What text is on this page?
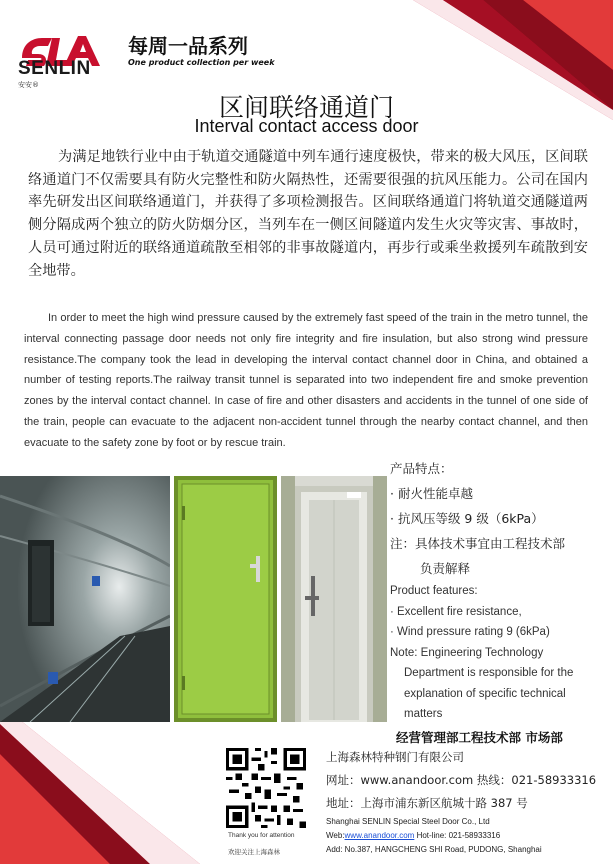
SENLIN
安安®
每周一品系列
One product collection per week
区间联络通道门
Interval contact access door

为满足地铁行业中由于轨道交通隧道中列车通行速度极快，带来的极大风压，区间联络通道门不仅需要具有防火完整性和防火隔热性，还需要很强的抗风压能力。公司在国内率先研发出区间联络通道门，并获得了多项检测报告。区间联络通道门将轨道交通隧道两侧分隔成两个独立的防火防烟分区，当列车在一侧区间隧道内发生火灾等灾害、事故时，人员可通过附近的联络通道疏散至相邻的非事故隧道内，再步行或乘坐救援列车疏散到安全地带。

In order to meet the high wind pressure caused by the extremely fast speed of the train in the metro tunnel, the interval connecting passage door needs not only fire integrity and fire insulation, but also strong wind pressure resistance.The company took the lead in developing the interval contact channel door in China, and obtained a number of testing reports.The railway transit tunnel is separated into two independent fire and smoke prevention zones by the interval contact channel. In case of fire and other disasters and accidents in the tunnel of one side of the train, people can evacuate to the adjacent non-accident tunnel through the nearby contact channel, and then evacuate to the safety zone by foot or by rescue train.

产品特点：
· 耐火性能卓越
· 抗风压等级 9 级（6kPa）
注：具体技术事宜由工程技术部
负责解释
Product features:
· Excellent fire resistance,
· Wind pressure rating 9 (6kPa)
Note: Engineering Technology
Department is responsible for the
explanation of specific technical
matters
经营管理部工程技术部 市场部
Thank you for attention
欢迎关注上海森林
上海森林特种钢门有限公司
网址：www.anandoor.com 热线：021-58933316
地址：上海市浦东新区航城十路 387 号
Shanghai SENLIN Special Steel Door Co., Ltd
Web:www.anandoor.com Hot-line: 021-58933316
Add: No.387, HANGCHENG SHI Road, PUDONG, Shanghai
